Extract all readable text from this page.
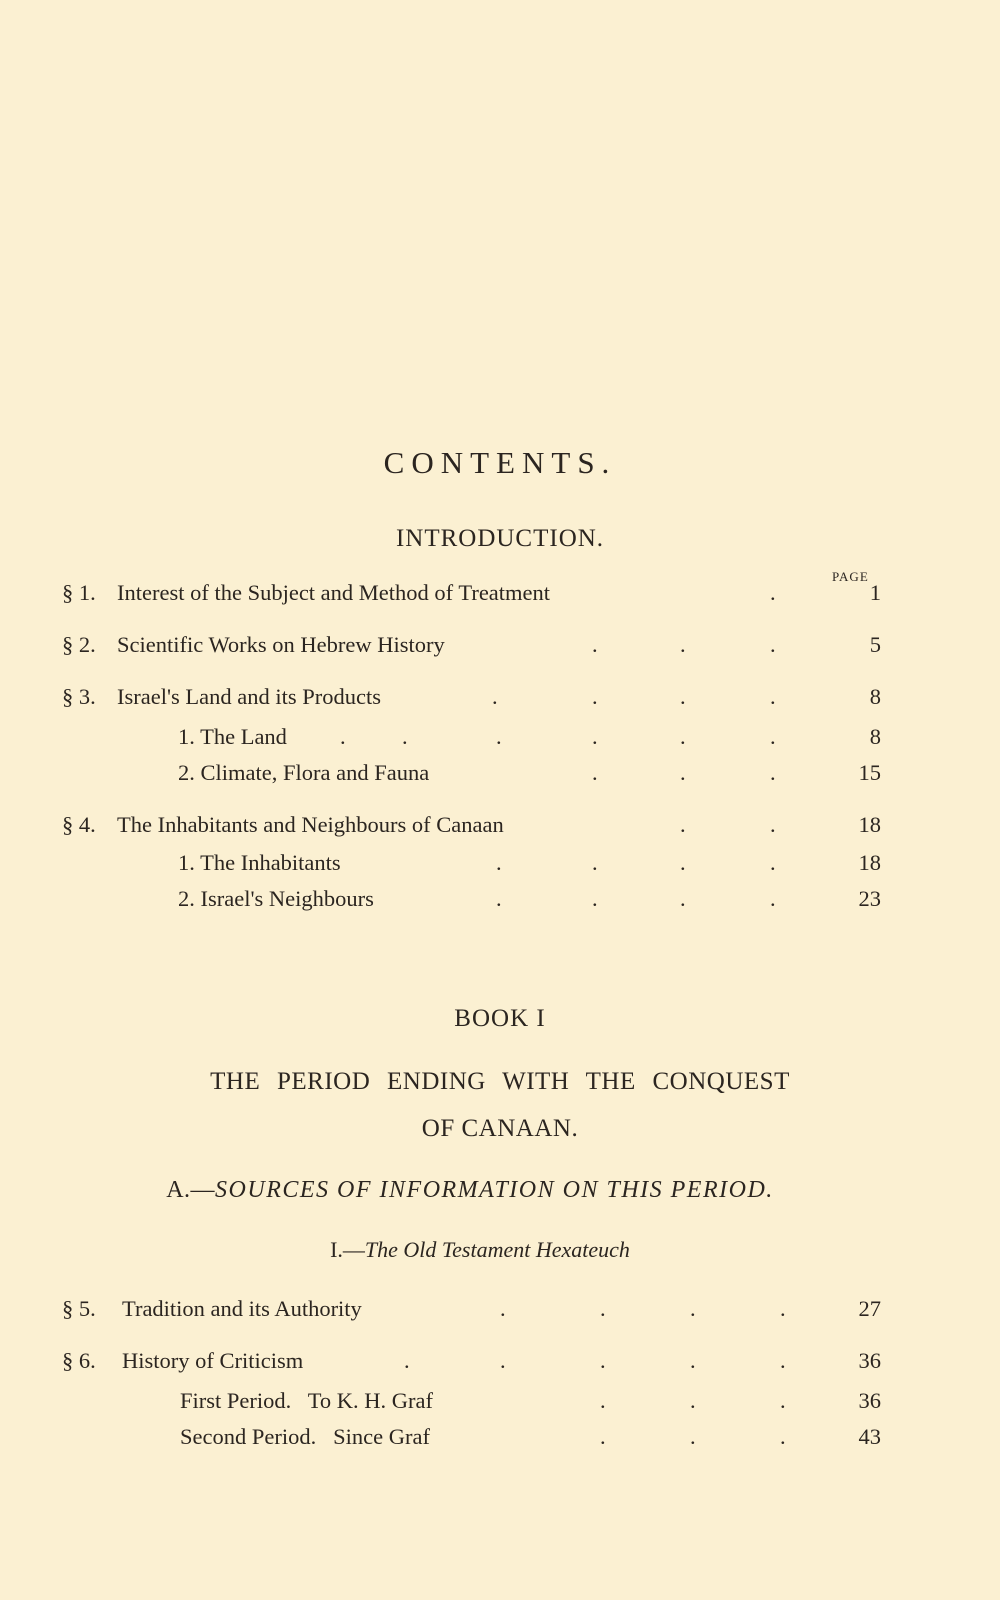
CONTENTS.
INTRODUCTION.
PAGE
§ 1. Interest of the Subject and Method of Treatment	.	1
§ 2. Scientific Works on Hebrew History	.	.	.	5
§ 3. Israel's Land and its Products	.	.	.	.	8
1. The Land .	.	.	.	.	.	8
2. Climate, Flora and Fauna	.	.	.	15
§ 4. The Inhabitants and Neighbours of Canaan	.	.	18
1. The Inhabitants	.	.	.	.	18
2. Israel's Neighbours	.	.	.	.	23
BOOK I
THE PERIOD ENDING WITH THE CONQUEST
OF CANAAN.
A.—SOURCES OF INFORMATION ON THIS PERIOD.
I.—The Old Testament Hexateuch
§ 5. Tradition and its Authority	.	.	.	.	27
§ 6. History of Criticism	.	.	.	.	.	36
First Period.   To K. H. Graf	.	.	.	36
Second Period.   Since Graf	.	.	.	43
